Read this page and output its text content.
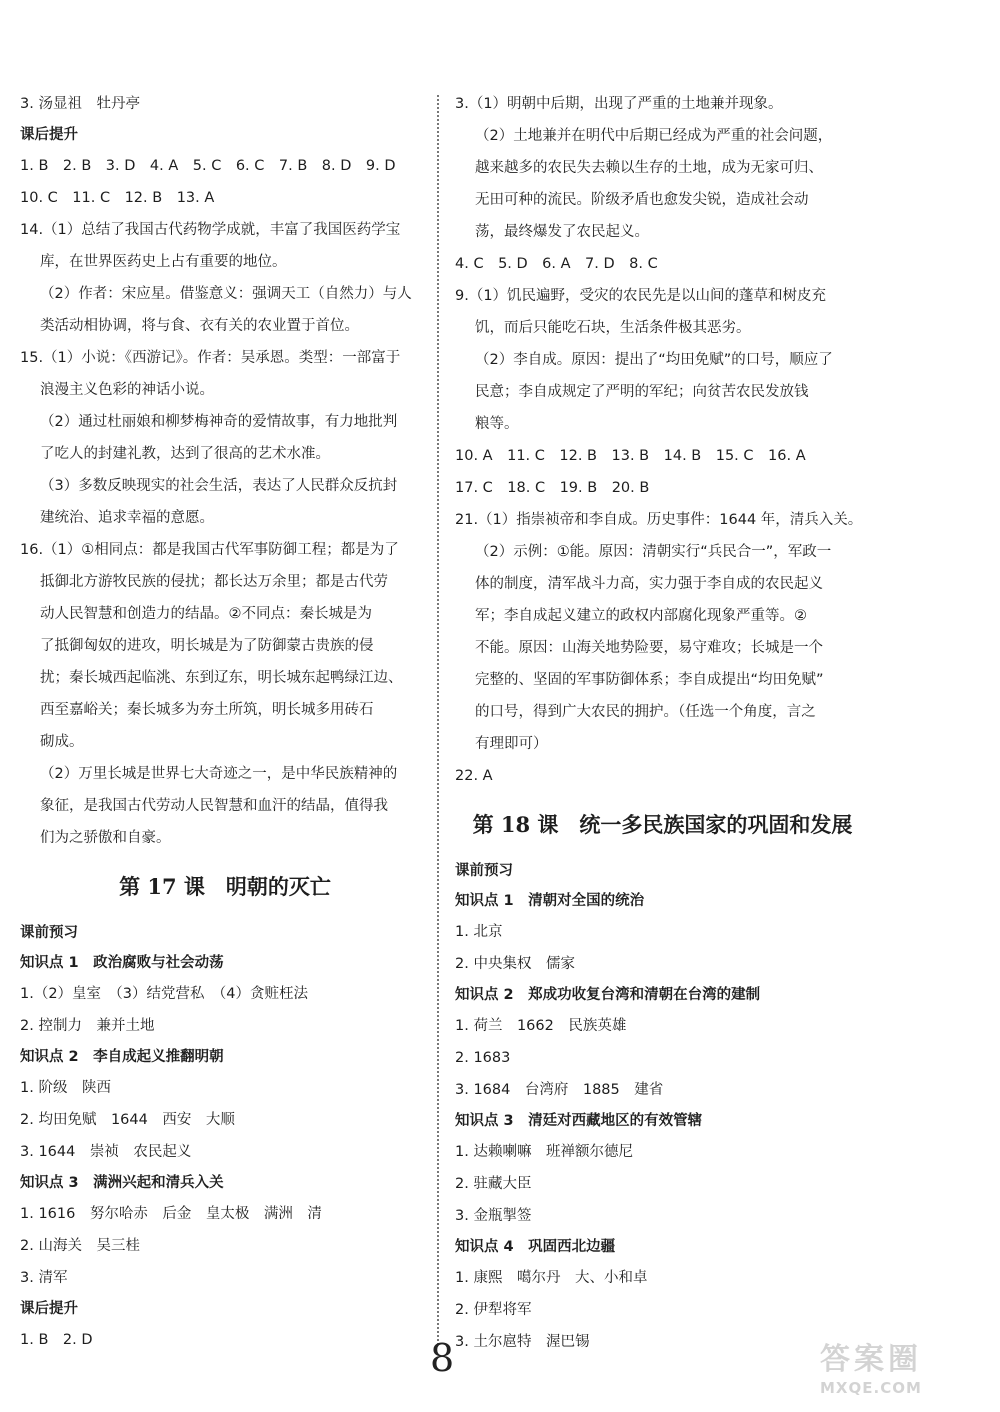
3. 汤显祖　牡丹亭
课后提升
1. B　2. B　3. D　4. A　5. C　6. C　7. B　8. D　9. D
10. C　11. C　12. B　13. A
14.（1）总结了我国古代药物学成就，丰富了我国医药学宝
库，在世界医药史上占有重要的地位。
（2）作者：宋应星。借鉴意义：强调天工（自然力）与人
类活动相协调，将与食、衣有关的农业置于首位。
15.（1）小说：《西游记》。作者：吴承恩。类型：一部富于
浪漫主义色彩的神话小说。
（2）通过杜丽娘和柳梦梅神奇的爱情故事，有力地批判
了吃人的封建礼教，达到了很高的艺术水准。
（3）多数反映现实的社会生活，表达了人民群众反抗封
建统治、追求幸福的意愿。
16.（1）①相同点：都是我国古代军事防御工程；都是为了
抵御北方游牧民族的侵扰；都长达万余里；都是古代劳
动人民智慧和创造力的结晶。②不同点：秦长城是为
了抵御匈奴的进攻，明长城是为了防御蒙古贵族的侵
扰；秦长城西起临洮、东到辽东，明长城东起鸭绿江边、
西至嘉峪关；秦长城多为夯土所筑，明长城多用砖石
砌成。
（2）万里长城是世界七大奇迹之一，是中华民族精神的
象征，是我国古代劳动人民智慧和血汗的结晶，值得我
们为之骄傲和自豪。
第 17 课　明朝的灭亡
课前预习
知识点 1　政治腐败与社会动荡
1.（2）皇室　（3）结党营私　（4）贪赃枉法
2. 控制力　兼并土地
知识点 2　李自成起义推翻明朝
1. 阶级　陕西
2. 均田免赋　1644　西安　大顺
3. 1644　崇祯　农民起义
知识点 3　满洲兴起和清兵入关
1. 1616　努尔哈赤　后金　皇太极　满洲　清
2. 山海关　吴三桂
3. 清军
课后提升
1. B　2. D
3.（1）明朝中后期，出现了严重的土地兼并现象。
（2）土地兼并在明代中后期已经成为严重的社会问题，
越来越多的农民失去赖以生存的土地，成为无家可归、
无田可种的流民。阶级矛盾也愈发尖锐，造成社会动
荡，最终爆发了农民起义。
4. C　5. D　6. A　7. D　8. C
9.（1）饥民遍野，受灾的农民先是以山间的蓬草和树皮充
饥，而后只能吃石块，生活条件极其恶劣。
（2）李自成。原因：提出了“均田免赋”的口号，顺应了
民意；李自成规定了严明的军纪；向贫苦农民发放钱
粮等。
10. A　11. C　12. B　13. B　14. B　15. C　16. A
17. C　18. C　19. B　20. B
21.（1）指崇祯帝和李自成。历史事件：1644 年，清兵入关。
（2）示例：①能。原因：清朝实行“兵民合一”，军政一
体的制度，清军战斗力高，实力强于李自成的农民起义
军；李自成起义建立的政权内部腐化现象严重等。②
不能。原因：山海关地势险要，易守难攻；长城是一个
完整的、坚固的军事防御体系；李自成提出“均田免赋”
的口号，得到广大农民的拥护。（任选一个角度，言之
有理即可）
22. A
第 18 课　统一多民族国家的巩固和发展
课前预习
知识点 1　清朝对全国的统治
1. 北京
2. 中央集权　儒家
知识点 2　郑成功收复台湾和清朝在台湾的建制
1. 荷兰　1662　民族英雄
2. 1683
3. 1684　台湾府　1885　建省
知识点 3　清廷对西藏地区的有效管辖
1. 达赖喇嘛　班禅额尔德尼
2. 驻藏大臣
3. 金瓶掣签
知识点 4　巩固西北边疆
1. 康熙　噶尔丹　大、小和卓
2. 伊犁将军
3. 土尔扈特　渥巴锡
8	答案圈
MXQE.COM
